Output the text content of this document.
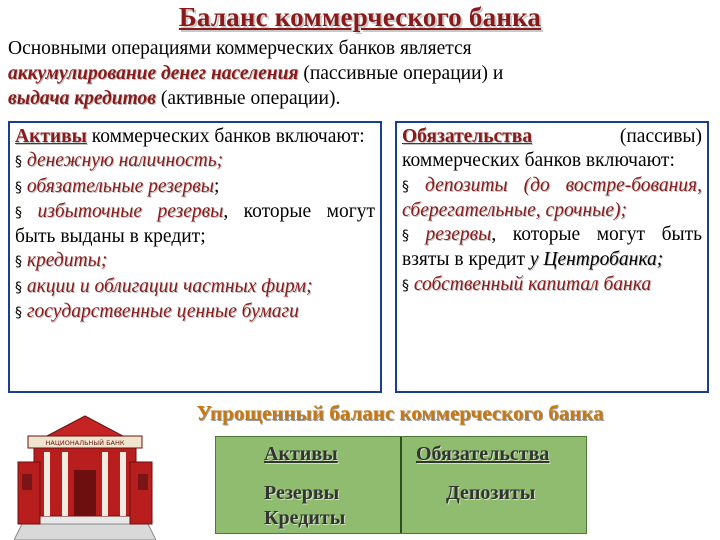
Баланс коммерческого банка
Основными операциями коммерческих банков является
аккумулирование денег населения (пассивные операции) и
выдача кредитов (активные операции).
Активы коммерческих банков включают:
§ денежную наличность;
§ обязательные резервы;
§ избыточные резервы, которые могут быть выданы в кредит;
§ кредиты;
§ акции и облигации частных фирм;
§ государственные ценные бумаги
Обязательства (пассивы) коммерческих банков включают:
§ депозиты (до востре-бования, сберегательные, срочные);
§ резервы, которые могут быть взяты в кредит у Центробанка;
§ собственный капитал банка
Упрощенный баланс коммерческого банка
НАЦИОНАЛЬНЫЙ БАНК	Активы	Обязательства
Резервы
Кредиты
Депозиты
